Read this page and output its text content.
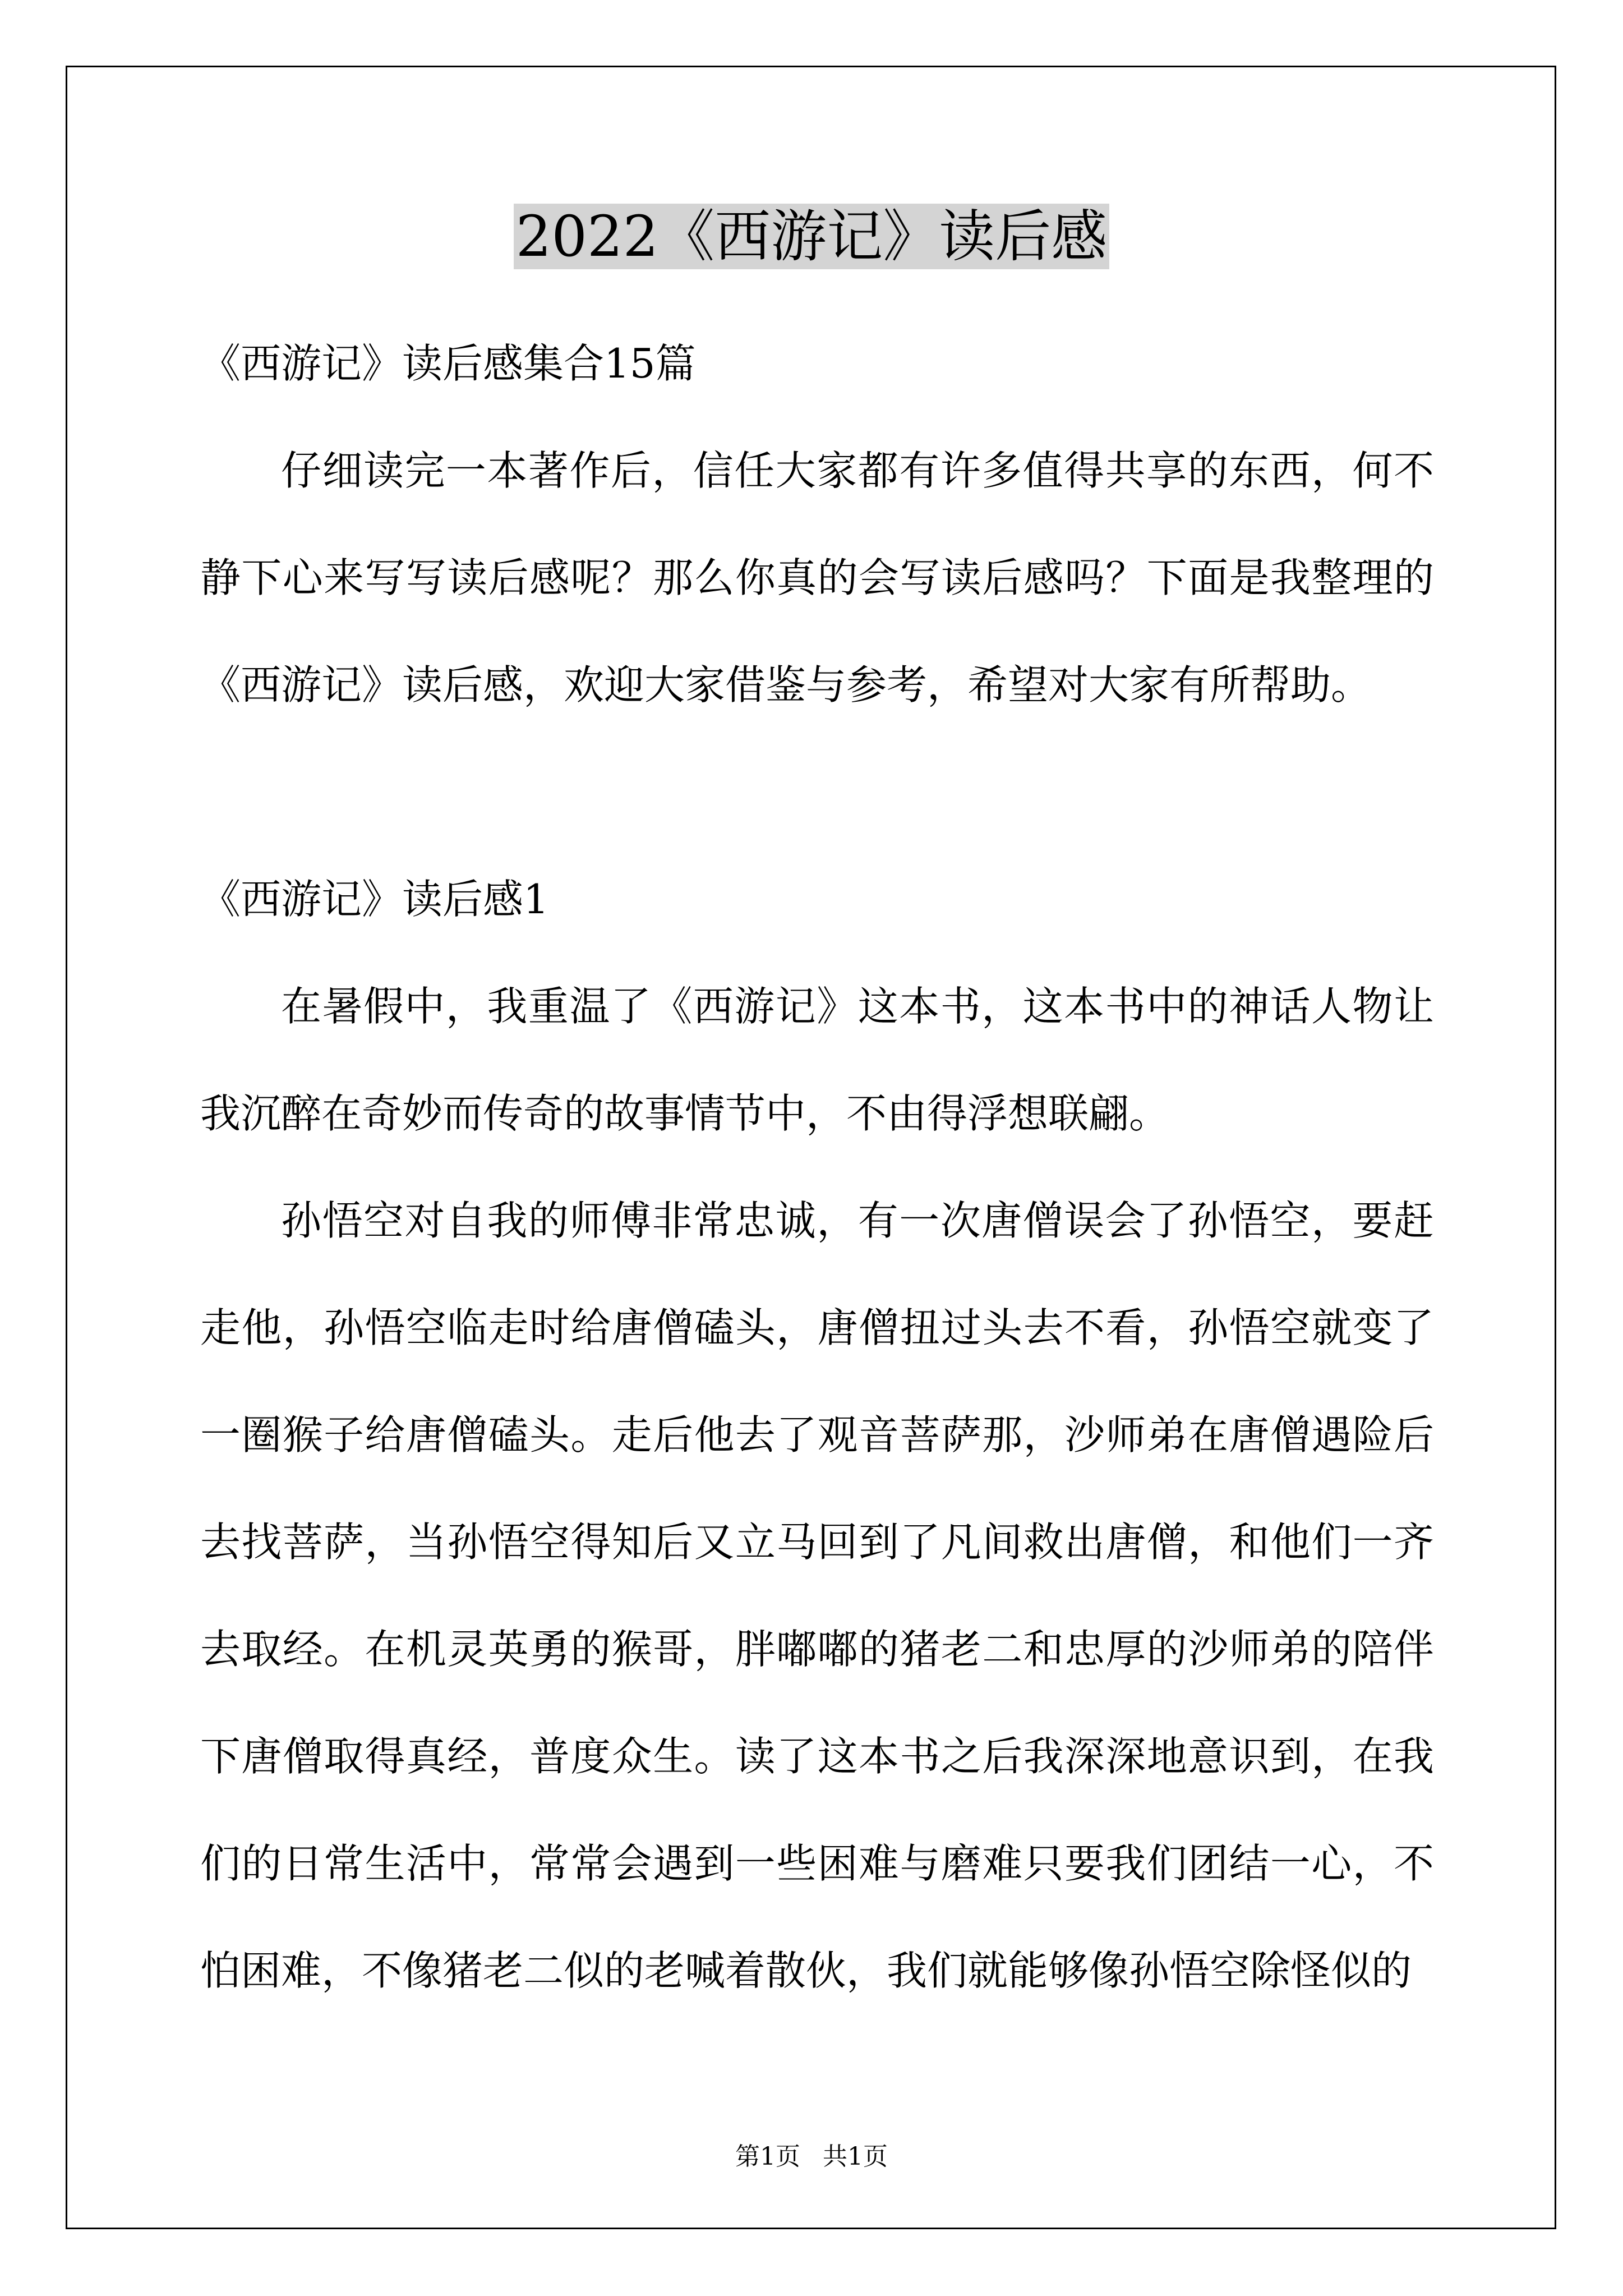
2022《西游记》读后感

《西游记》读后感集合15篇

仔细读完一本著作后，信任大家都有许多值得共享的东西，何不静下心来写写读后感呢？那么你真的会写读后感吗？下面是我整理的《西游记》读后感，欢迎大家借鉴与参考，希望对大家有所帮助。

《西游记》读后感1

在暑假中，我重温了《西游记》这本书，这本书中的神话人物让我沉醉在奇妙而传奇的故事情节中，不由得浮想联翩。

孙悟空对自我的师傅非常忠诚，有一次唐僧误会了孙悟空，要赶走他，孙悟空临走时给唐僧磕头，唐僧扭过头去不看，孙悟空就变了一圈猴子给唐僧磕头。走后他去了观音菩萨那，沙师弟在唐僧遇险后去找菩萨，当孙悟空得知后又立马回到了凡间救出唐僧，和他们一齐去取经。在机灵英勇的猴哥，胖嘟嘟的猪老二和忠厚的沙师弟的陪伴下唐僧取得真经，普度众生。读了这本书之后我深深地意识到，在我们的日常生活中，常常会遇到一些困难与磨难只要我们团结一心，不怕困难，不像猪老二似的老喊着散伙，我们就能够像孙悟空除怪似的

第1页 共1页
